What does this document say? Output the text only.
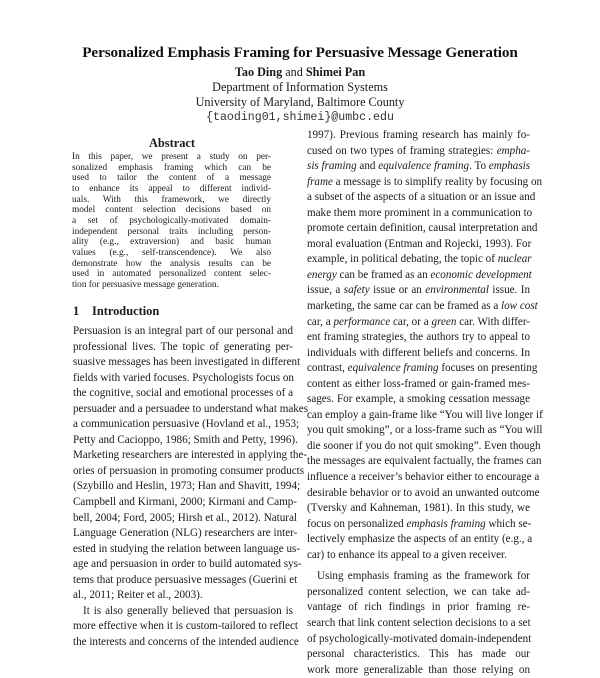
Personalized Emphasis Framing for Persuasive Message Generation
Tao Ding and Shimei Pan
Department of Information Systems
University of Maryland, Baltimore County
{taoding01,shimei}@umbc.edu
Abstract
In this paper, we present a study on per-
sonalized emphasis framing which can be
used to tailor the content of a message
to enhance its appeal to different individ-
uals. With this framework, we directly
model content selection decisions based on
a set of psychologically-motivated domain-
independent personal traits including person-
ality (e.g., extraversion) and basic human
values (e.g., self-transcendence). We also
demonstrate how the analysis results can be
used in automated personalized content selec-
tion for persuasive message generation.
1 Introduction
Persuasion is an integral part of our personal and
professional lives. The topic of generating per-
suasive messages has been investigated in different
fields with varied focuses. Psychologists focus on
the cognitive, social and emotional processes of a
persuader and a persuadee to understand what makes
a communication persuasive (Hovland et al., 1953;
Petty and Cacioppo, 1986; Smith and Petty, 1996).
Marketing researchers are interested in applying the-
ories of persuasion in promoting consumer products
(Szybillo and Heslin, 1973; Han and Shavitt, 1994;
Campbell and Kirmani, 2000; Kirmani and Camp-
bell, 2004; Ford, 2005; Hirsh et al., 2012). Natural
Language Generation (NLG) researchers are inter-
ested in studying the relation between language us-
age and persuasion in order to build automated sys-
tems that produce persuasive messages (Guerini et
al., 2011; Reiter et al., 2003).
It is also generally believed that persuasion is
more effective when it is custom-tailored to reflect
the interests and concerns of the intended audience
1997). Previous framing research has mainly fo-
cused on two types of framing strategies: empha-
sis framing and equivalence framing. To emphasis
frame a message is to simplify reality by focusing on
a subset of the aspects of a situation or an issue and
make them more prominent in a communication to
promote certain definition, causal interpretation and
moral evaluation (Entman and Rojecki, 1993). For
example, in political debating, the topic of nuclear
energy can be framed as an economic development
issue, a safety issue or an environmental issue. In
marketing, the same car can be framed as a low cost
car, a performance car, or a green car. With differ-
ent framing strategies, the authors try to appeal to
individuals with different beliefs and concerns. In
contrast, equivalence framing focuses on presenting
content as either loss-framed or gain-framed mes-
sages. For example, a smoking cessation message
can employ a gain-frame like “You will live longer if
you quit smoking”, or a loss-frame such as “You will
die sooner if you do not quit smoking”. Even though
the messages are equivalent factually, the frames can
influence a receiver’s behavior either to encourage a
desirable behavior or to avoid an unwanted outcome
(Tversky and Kahneman, 1981). In this study, we
focus on personalized emphasis framing which se-
lectively emphasize the aspects of an entity (e.g., a
car) to enhance its appeal to a given receiver.
Using emphasis framing as the framework for
personalized content selection, we can take ad-
vantage of rich findings in prior framing re-
search that link content selection decisions to a set
of psychologically-motivated domain-independent
personal characteristics. This has made our
work more generalizable than those relying on
